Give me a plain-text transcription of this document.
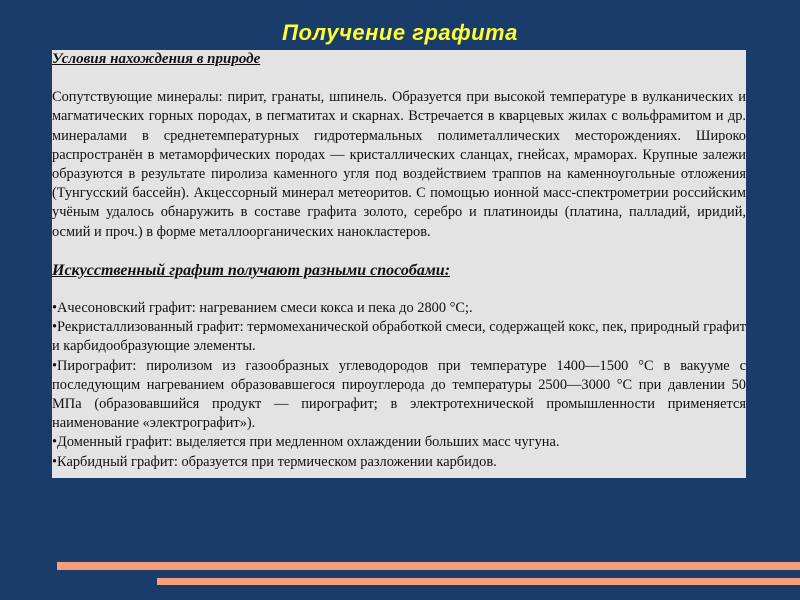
Получение графита

Условия нахождения в природе

Сопутствующие минералы: пирит, гранаты, шпинель. Образуется при высокой температуре в вулканических и магматических горных породах, в пегматитах и скарнах. Встречается в кварцевых жилах с вольфрамитом и др. минералами в среднетемпературных гидротермальных полиметаллических месторождениях. Широко распространён в метаморфических породах — кристаллических сланцах, гнейсах, мраморах. Крупные залежи образуются в результате пиролиза каменного угля под воздействием траппов на каменноугольные отложения (Тунгусский бассейн). Акцессорный минерал метеоритов. С помощью ионной масс-спектрометрии российским учёным удалось обнаружить в составе графита золото, серебро и платиноиды (платина, палладий, иридий, осмий и проч.) в форме металлоорганических нанокластеров.

Искусственный графит получают разными способами:

•Ачесоновский графит: нагреванием смеси кокса и пека до 2800 °C;.

•Рекристаллизованный графит: термомеханической обработкой смеси, содержащей кокс, пек, природный графит и карбидообразующие элементы.

•Пирографит: пиролизом из газообразных углеводородов при температуре 1400—1500 °C в вакууме с последующим нагреванием образовавшегося пироуглерода до температуры 2500—3000 °C при давлении 50 МПа (образовавшийся продукт — пирографит; в электротехнической промышленности применяется наименование «электрографит»).

•Доменный графит: выделяется при медленном охлаждении больших масс чугуна.

•Карбидный графит: образуется при термическом разложении карбидов.
